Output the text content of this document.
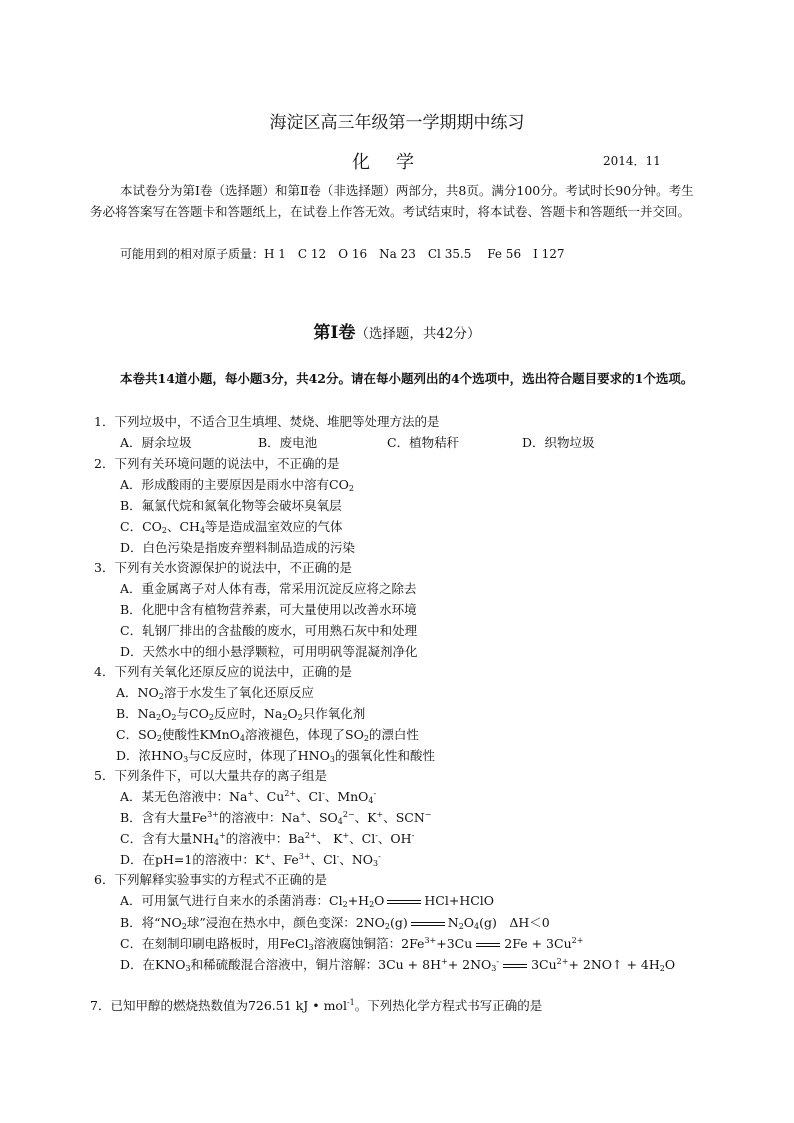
海淀区高三年级第一学期期中练习
化学	2014．11
本试卷分为第Ⅰ卷（选择题）和第Ⅱ卷（非选择题）两部分，共8页。满分100分。考试时长90分钟。考生务必将答案写在答题卡和答题纸上，在试卷上作答无效。考试结束时，将本试卷、答题卡和答题纸一并交回。
可能用到的相对原子质量：H 1　C 12　O 16　Na 23　Cl 35.5　 Fe 56　I 127
第Ⅰ卷（选择题，共42分）
本卷共14道小题，每小题3分，共42分。请在每小题列出的4个选项中，选出符合题目要求的1个选项。
1．下列垃圾中，不适合卫生填埋、焚烧、堆肥等处理方法的是
A．厨余垃圾	B．废电池	C．植物秸秆	D．织物垃圾
2．下列有关环境问题的说法中，不正确的是
A．形成酸雨的主要原因是雨水中溶有$CO_2$
B．氟氯代烷和氮氧化物等会破坏臭氧层
C．$CO_2$、$CH_4$等是造成温室效应的气体
D．白色污染是指废弃塑料制品造成的污染
3．下列有关水资源保护的说法中，不正确的是
A．重金属离子对人体有毒，常采用沉淀反应将之除去
B．化肥中含有植物营养素，可大量使用以改善水环境
C．轧钢厂排出的含盐酸的废水，可用熟石灰中和处理
D．天然水中的细小悬浮颗粒，可用明矾等混凝剂净化
4．下列有关氧化还原反应的说法中，正确的是
A．$NO_2$溶于水发生了氧化还原反应
B．$Na_2O_2$与$CO_2$反应时，$Na_2O_2$只作氧化剂
C．$SO_2$使酸性KMnO$_4$溶液褪色，体现了$SO_2$的漂白性
D．浓$HNO_3$与C反应时，体现了$HNO_3$的强氧化性和酸性
5．下列条件下，可以大量共存的离子组是
A．某无色溶液中：Na+、$Cu^{2+}$、Cl-、MnO$_4$-
B．含有大量$Fe^{3+}$的溶液中：Na+、$SO_4^{2-}$、K+、SCN−
C．含有大量$NH_4^+$的溶液中：$Ba^{2+}$、 K+、Cl-、OH-
D．在pH=1的溶液中：K+、$Fe^{3+}$、Cl-、$NO_3^-$
6．下列解释实验事实的方程式不正确的是
A．可用氯气进行自来水的杀菌消毒：$Cl_2+H_2O$	HCl+HClO
B．将“$NO_2$球”浸泡在热水中，颜色变深：$2NO_2(g)$	$N_2O_4(g)$　ΔH＜0
C．在刻制印刷电路板时，用FeCl$_3$溶液腐蚀铜箔：$2Fe^{3+}+3Cu$	$2Fe + 3Cu^{2+}$
D．在$KNO_3$和稀硫酸混合溶液中，铜片溶解：$3Cu + 8H^++ 2NO_3^-$	$3Cu^{2+}+$ 2NO↑ + $4H_2O$
7．已知甲醇的燃烧热数值为726.51 kJ • mol$^{-1}$。下列热化学方程式书写正确的是
